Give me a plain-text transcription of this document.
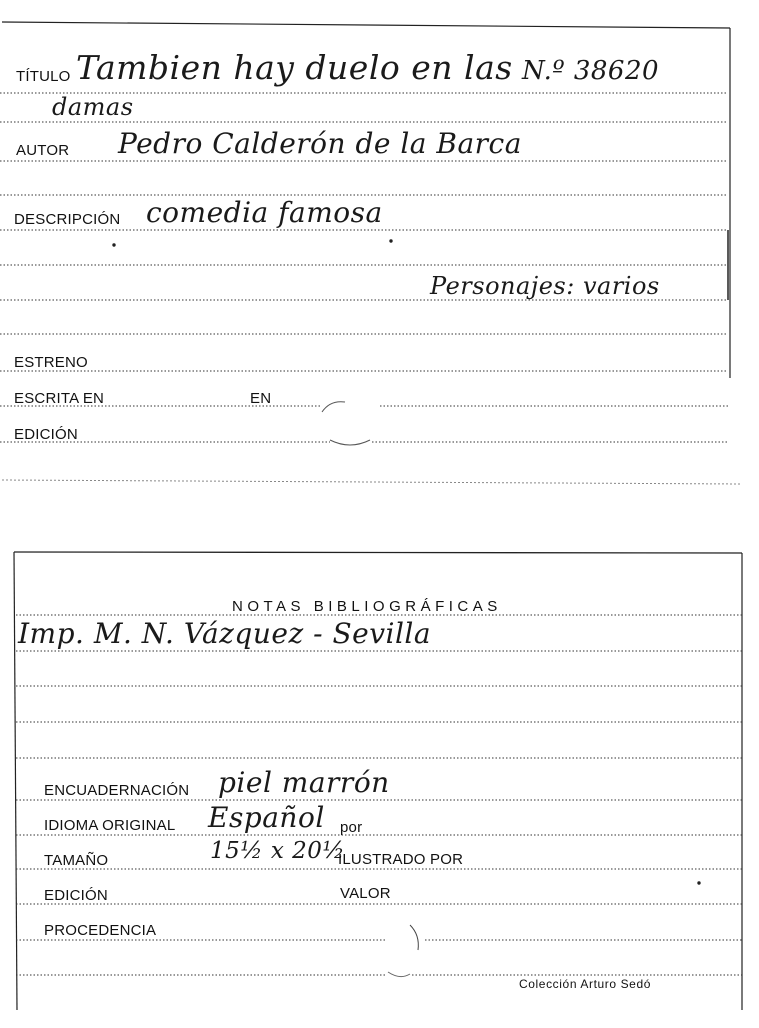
TÍTULO Tambien hay duelo en las N.º 38620
damas
AUTOR Pedro Calderón de la Barca
DESCRIPCIÓN comedia famosa
Personajes: varios
ESTRENO
ESCRITA EN	EN
EDICIÓN
NOTAS BIBLIOGRÁFICAS
Imp. M. N. Vázquez - Sevilla
ENCUADERNACIÓN piel marrón
IDIOMA ORIGINAL Español por
TAMAÑO	15½ x 20½
ILUSTRADO POR
EDICIÓN	VALOR
PROCEDENCIA
Colección Arturo Sedó
